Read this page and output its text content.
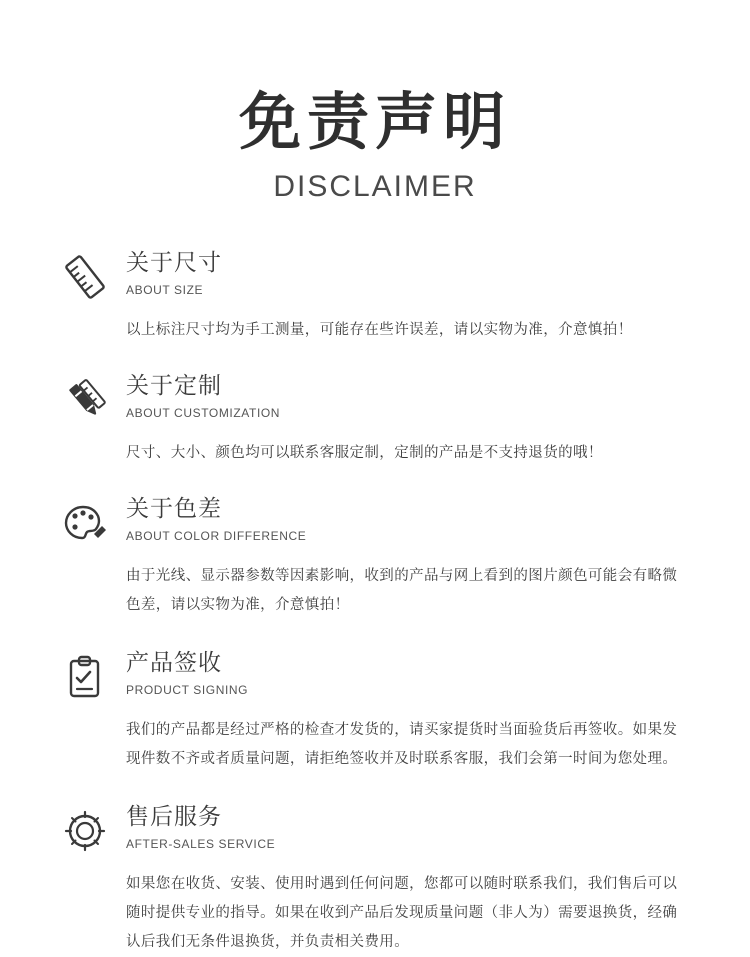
免责声明
DISCLAIMER
关于尺寸
ABOUT SIZE
以上标注尺寸均为手工测量，可能存在些许误差，请以实物为准，介意慎拍！
关于定制
ABOUT CUSTOMIZATION
尺寸、大小、颜色均可以联系客服定制，定制的产品是不支持退货的哦！
关于色差
ABOUT COLOR DIFFERENCE
由于光线、显示器参数等因素影响，收到的产品与网上看到的图片颜色可能会有略微色差，请以实物为准，介意慎拍！
产品签收
PRODUCT SIGNING
我们的产品都是经过严格的检查才发货的，请买家提货时当面验货后再签收。如果发现件数不齐或者质量问题，请拒绝签收并及时联系客服，我们会第一时间为您处理。
售后服务
AFTER-SALES SERVICE
如果您在收货、安装、使用时遇到任何问题，您都可以随时联系我们，我们售后可以随时提供专业的指导。如果在收到产品后发现质量问题（非人为）需要退换货，经确认后我们无条件退换货，并负责相关费用。
